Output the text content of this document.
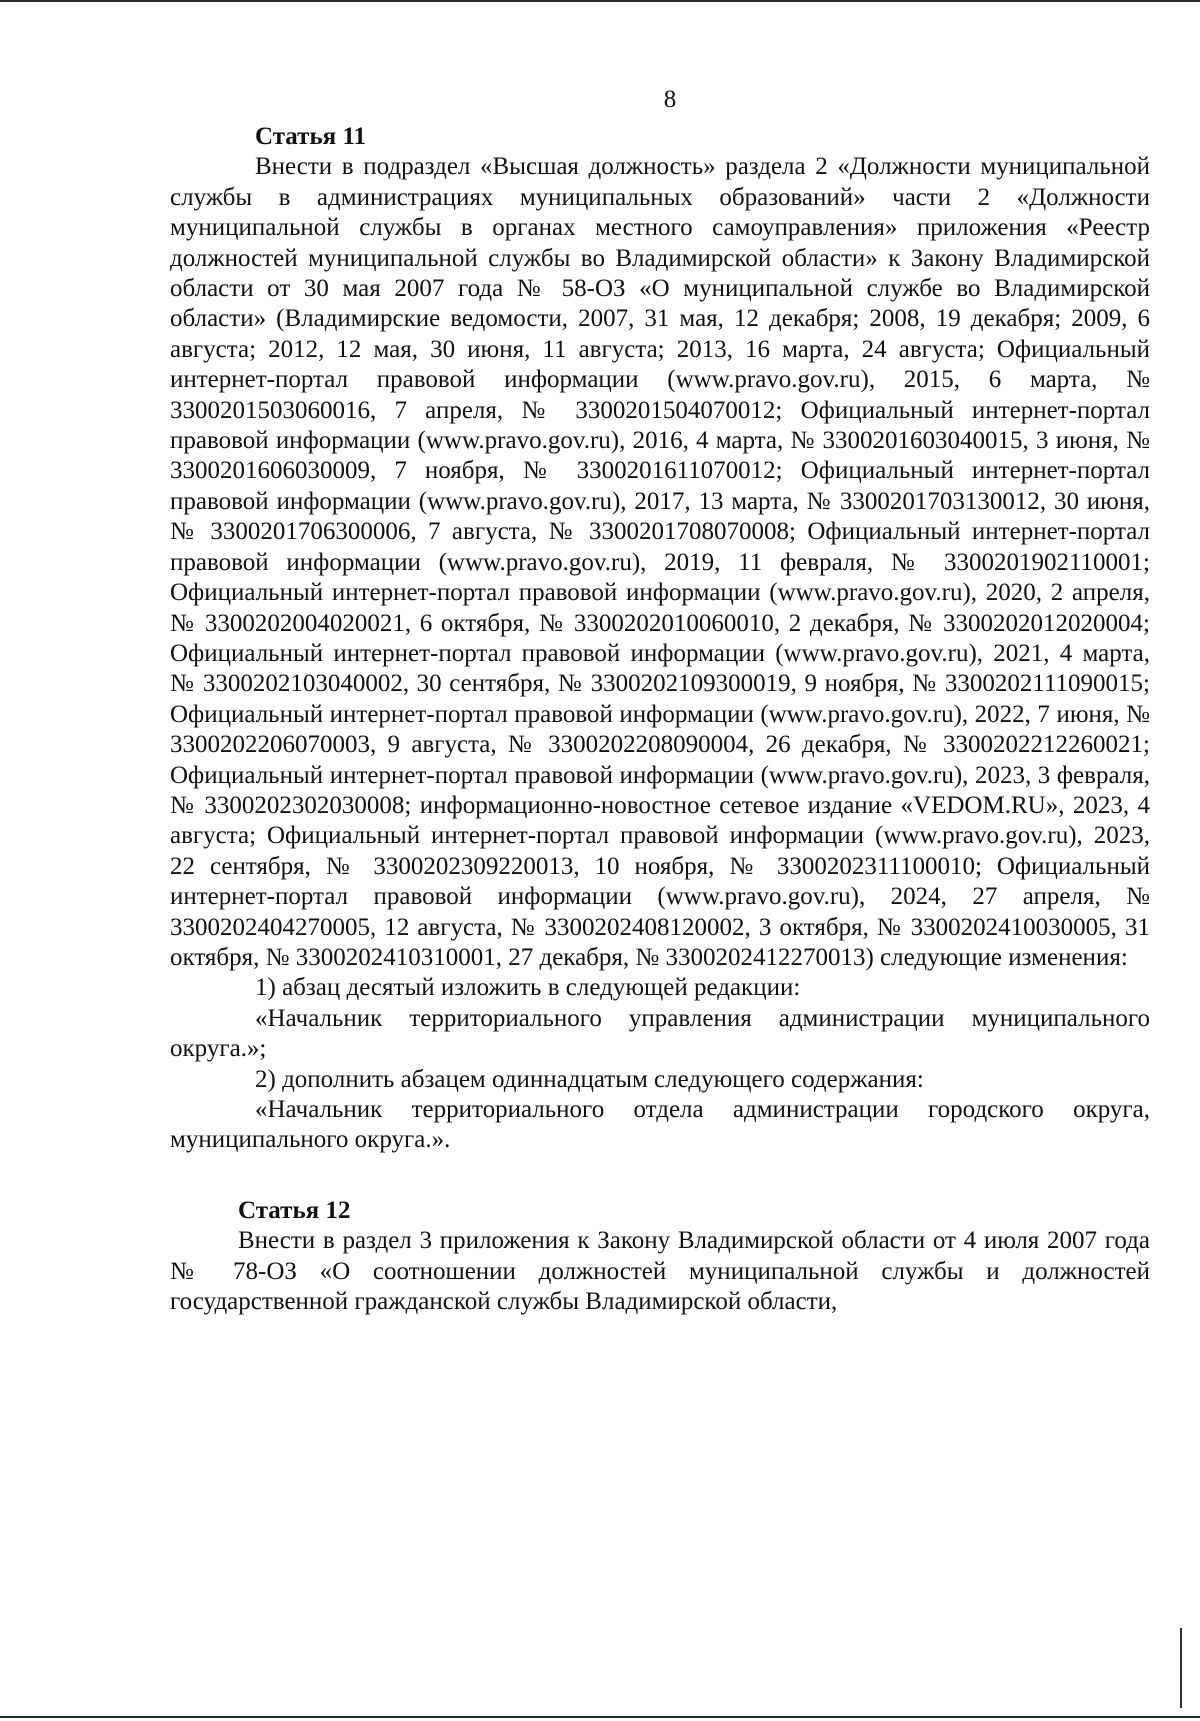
8
Статья 11

Внести в подраздел «Высшая должность» раздела 2 «Должности муниципальной службы в администрациях муниципальных образований» части 2 «Должности муниципальной службы в органах местного самоуправления» приложения «Реестр должностей муниципальной службы во Владимирской области» к Закону Владимирской области от 30 мая 2007 года № 58-ОЗ «О муниципальной службе во Владимирской области» (Владимирские ведомости, 2007, 31 мая, 12 декабря; 2008, 19 декабря; 2009, 6 августа; 2012, 12 мая, 30 июня, 11 августа; 2013, 16 марта, 24 августа; Официальный интернет-портал правовой информации (www.pravo.gov.ru), 2015, 6 марта, № 3300201503060016, 7 апреля, № 3300201504070012; Официальный интернет-портал правовой информации (www.pravo.gov.ru), 2016, 4 марта, № 3300201603040015, 3 июня, № 3300201606030009, 7 ноября, № 3300201611070012; Официальный интернет-портал правовой информации (www.pravo.gov.ru), 2017, 13 марта, № 3300201703130012, 30 июня, № 3300201706300006, 7 августа, № 3300201708070008; Официальный интернет-портал правовой информации (www.pravo.gov.ru), 2019, 11 февраля, № 3300201902110001; Официальный интернет-портал правовой информации (www.pravo.gov.ru), 2020, 2 апреля, № 3300202004020021, 6 октября, № 3300202010060010, 2 декабря, № 3300202012020004; Официальный интернет-портал правовой информации (www.pravo.gov.ru), 2021, 4 марта, № 3300202103040002, 30 сентября, № 3300202109300019, 9 ноября, № 3300202111090015; Официальный интернет-портал правовой информации (www.pravo.gov.ru), 2022, 7 июня, № 3300202206070003, 9 августа, № 3300202208090004, 26 декабря, № 3300202212260021; Официальный интернет-портал правовой информации (www.pravo.gov.ru), 2023, 3 февраля, № 3300202302030008; информационно-новостное сетевое издание «VEDOM.RU», 2023, 4 августа; Официальный интернет-портал правовой информации (www.pravo.gov.ru), 2023, 22 сентября, № 3300202309220013, 10 ноября, № 3300202311100010; Официальный интернет-портал правовой информации (www.pravo.gov.ru), 2024, 27 апреля, № 3300202404270005, 12 августа, № 3300202408120002, 3 октября, № 3300202410030005, 31 октября, № 3300202410310001, 27 декабря, № 3300202412270013) следующие изменения:

1) абзац десятый изложить в следующей редакции:

«Начальник территориального управления администрации муниципального округа.»;

2) дополнить абзацем одиннадцатым следующего содержания:

«Начальник территориального отдела администрации городского округа, муниципального округа.».

Статья 12

Внести в раздел 3 приложения к Закону Владимирской области от 4 июля 2007 года № 78-ОЗ «О соотношении должностей муниципальной службы и должностей государственной гражданской службы Владимирской области,
